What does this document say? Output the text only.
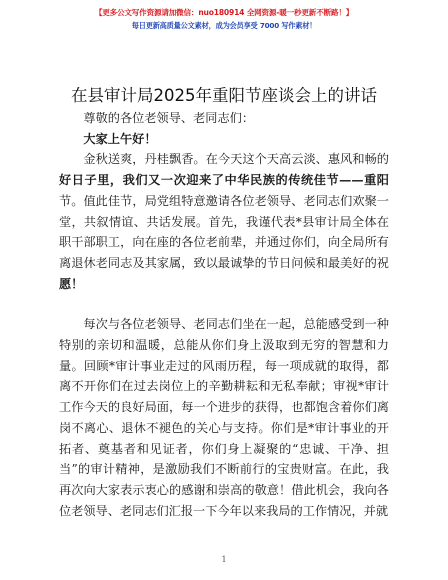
【更多公文写作资源请加微信：nuo180914 全网资源-暖一秒更新不断路！】
每日更新高质量公文素材，成为会员享受 7000 写作素材！
在县审计局2025年重阳节座谈会上的讲话

尊敬的各位老领导、老同志们：

大家上午好！

金秋送爽，丹桂飘香。在今天这个天高云淡、惠风和畅的好日子里，我们又一次迎来了中华民族的传统佳节——重阳节。值此佳节，局党组特意邀请各位老领导、老同志们欢聚一堂，共叙情谊、共话发展。首先，我谨代表*县审计局全体在职干部职工，向在座的各位老前辈，并通过你们，向全局所有离退休老同志及其家属，致以最诚挚的节日问候和最美好的祝愿！

每次与各位老领导、老同志们坐在一起，总能感受到一种特别的亲切和温暖，总能从你们身上汲取到无穷的智慧和力量。回顾*审计事业走过的风雨历程，每一项成就的取得，都离不开你们在过去岗位上的辛勤耕耘和无私奉献；审视*审计工作今天的良好局面，每一个进步的获得，也都饱含着你们离岗不离心、退休不褪色的关心与支持。你们是*审计事业的开拓者、奠基者和见证者，你们身上凝聚的“忠诚、干净、担当”的审计精神，是激励我们不断前行的宝贵财富。在此，我再次向大家表示衷心的感谢和崇高的敬意！借此机会，我向各位老领导、老同志们汇报一下今年以来我局的工作情况，并就

1
